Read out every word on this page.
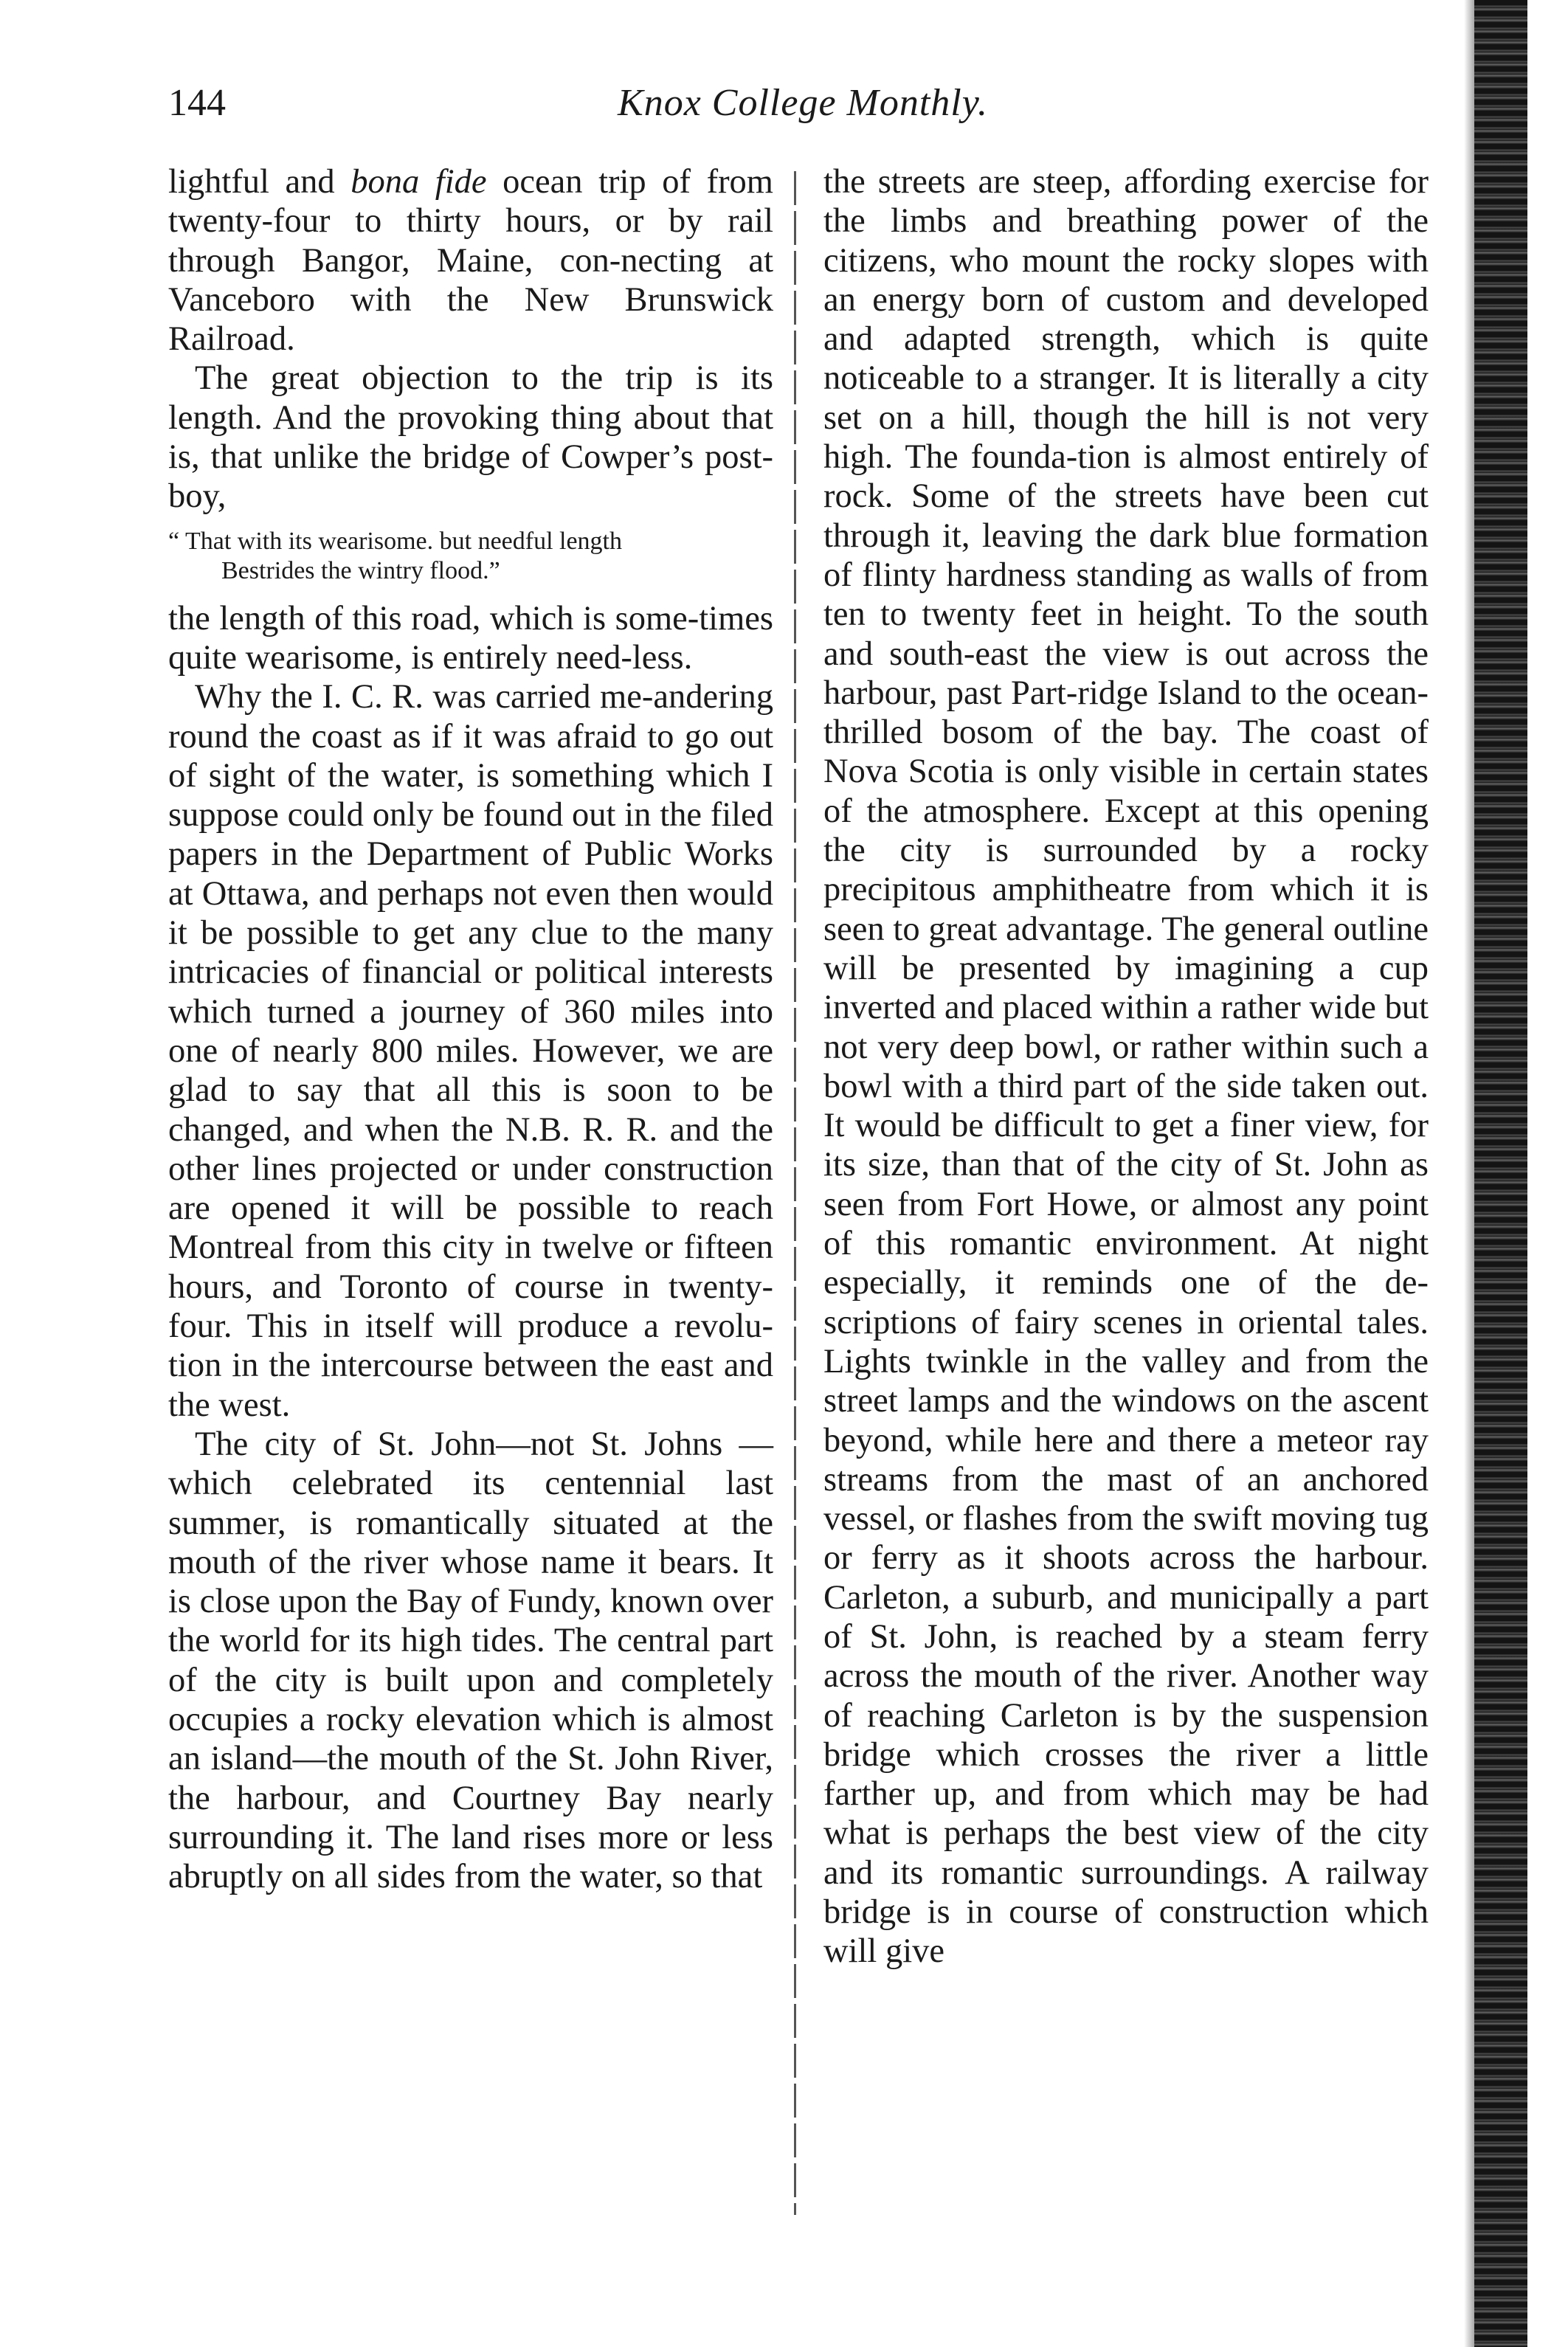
144	Knox College Monthly.

lightful and bona fide ocean trip of from twenty-four to thirty hours, or by rail through Bangor, Maine, con-necting at Vanceboro with the New Brunswick Railroad.

The great objection to the trip is its length. And the provoking thing about that is, that unlike the bridge of Cowper’s post-boy,

“ That with its wearisome. but needful length
Bestrides the wintry flood.”

the length of this road, which is some-times quite wearisome, is entirely need-less.

Why the I. C. R. was carried me-andering round the coast as if it was afraid to go out of sight of the water, is something which I suppose could only be found out in the filed papers in the Department of Public Works at Ottawa, and perhaps not even then would it be possible to get any clue to the many intricacies of financial or political interests which turned a journey of 360 miles into one of nearly 800 miles. However, we are glad to say that all this is soon to be changed, and when the N.B. R. R. and the other lines projected or under construction are opened it will be possible to reach Montreal from this city in twelve or fifteen hours, and Toronto of course in twenty-four. This in itself will produce a revolu-tion in the intercourse between the east and the west.

The city of St. John—not St. Johns —which celebrated its centennial last summer, is romantically situated at the mouth of the river whose name it bears. It is close upon the Bay of Fundy, known over the world for its high tides. The central part of the city is built upon and completely occupies a rocky elevation which is almost an island—the mouth of the St. John River, the harbour, and Courtney Bay nearly surrounding it. The land rises more or less abruptly on all sides from the water, so that

the streets are steep, affording exercise for the limbs and breathing power of the citizens, who mount the rocky slopes with an energy born of custom and developed and adapted strength, which is quite noticeable to a stranger. It is literally a city set on a hill, though the hill is not very high. The founda-tion is almost entirely of rock. Some of the streets have been cut through it, leaving the dark blue formation of flinty hardness standing as walls of from ten to twenty feet in height. To the south and south-east the view is out across the harbour, past Part-ridge Island to the ocean-thrilled bosom of the bay. The coast of Nova Scotia is only visible in certain states of the atmosphere. Except at this opening the city is surrounded by a rocky precipitous amphitheatre from which it is seen to great advantage. The general outline will be presented by imagining a cup inverted and placed within a rather wide but not very deep bowl, or rather within such a bowl with a third part of the side taken out. It would be difficult to get a finer view, for its size, than that of the city of St. John as seen from Fort Howe, or almost any point of this romantic environment. At night especially, it reminds one of the de-scriptions of fairy scenes in oriental tales. Lights twinkle in the valley and from the street lamps and the windows on the ascent beyond, while here and there a meteor ray streams from the mast of an anchored vessel, or flashes from the swift moving tug or ferry as it shoots across the harbour. Carleton, a suburb, and municipally a part of St. John, is reached by a steam ferry across the mouth of the river. Another way of reaching Carleton is by the suspension bridge which crosses the river a little farther up, and from which may be had what is perhaps the best view of the city and its romantic surroundings. A railway bridge is in course of construction which will give
